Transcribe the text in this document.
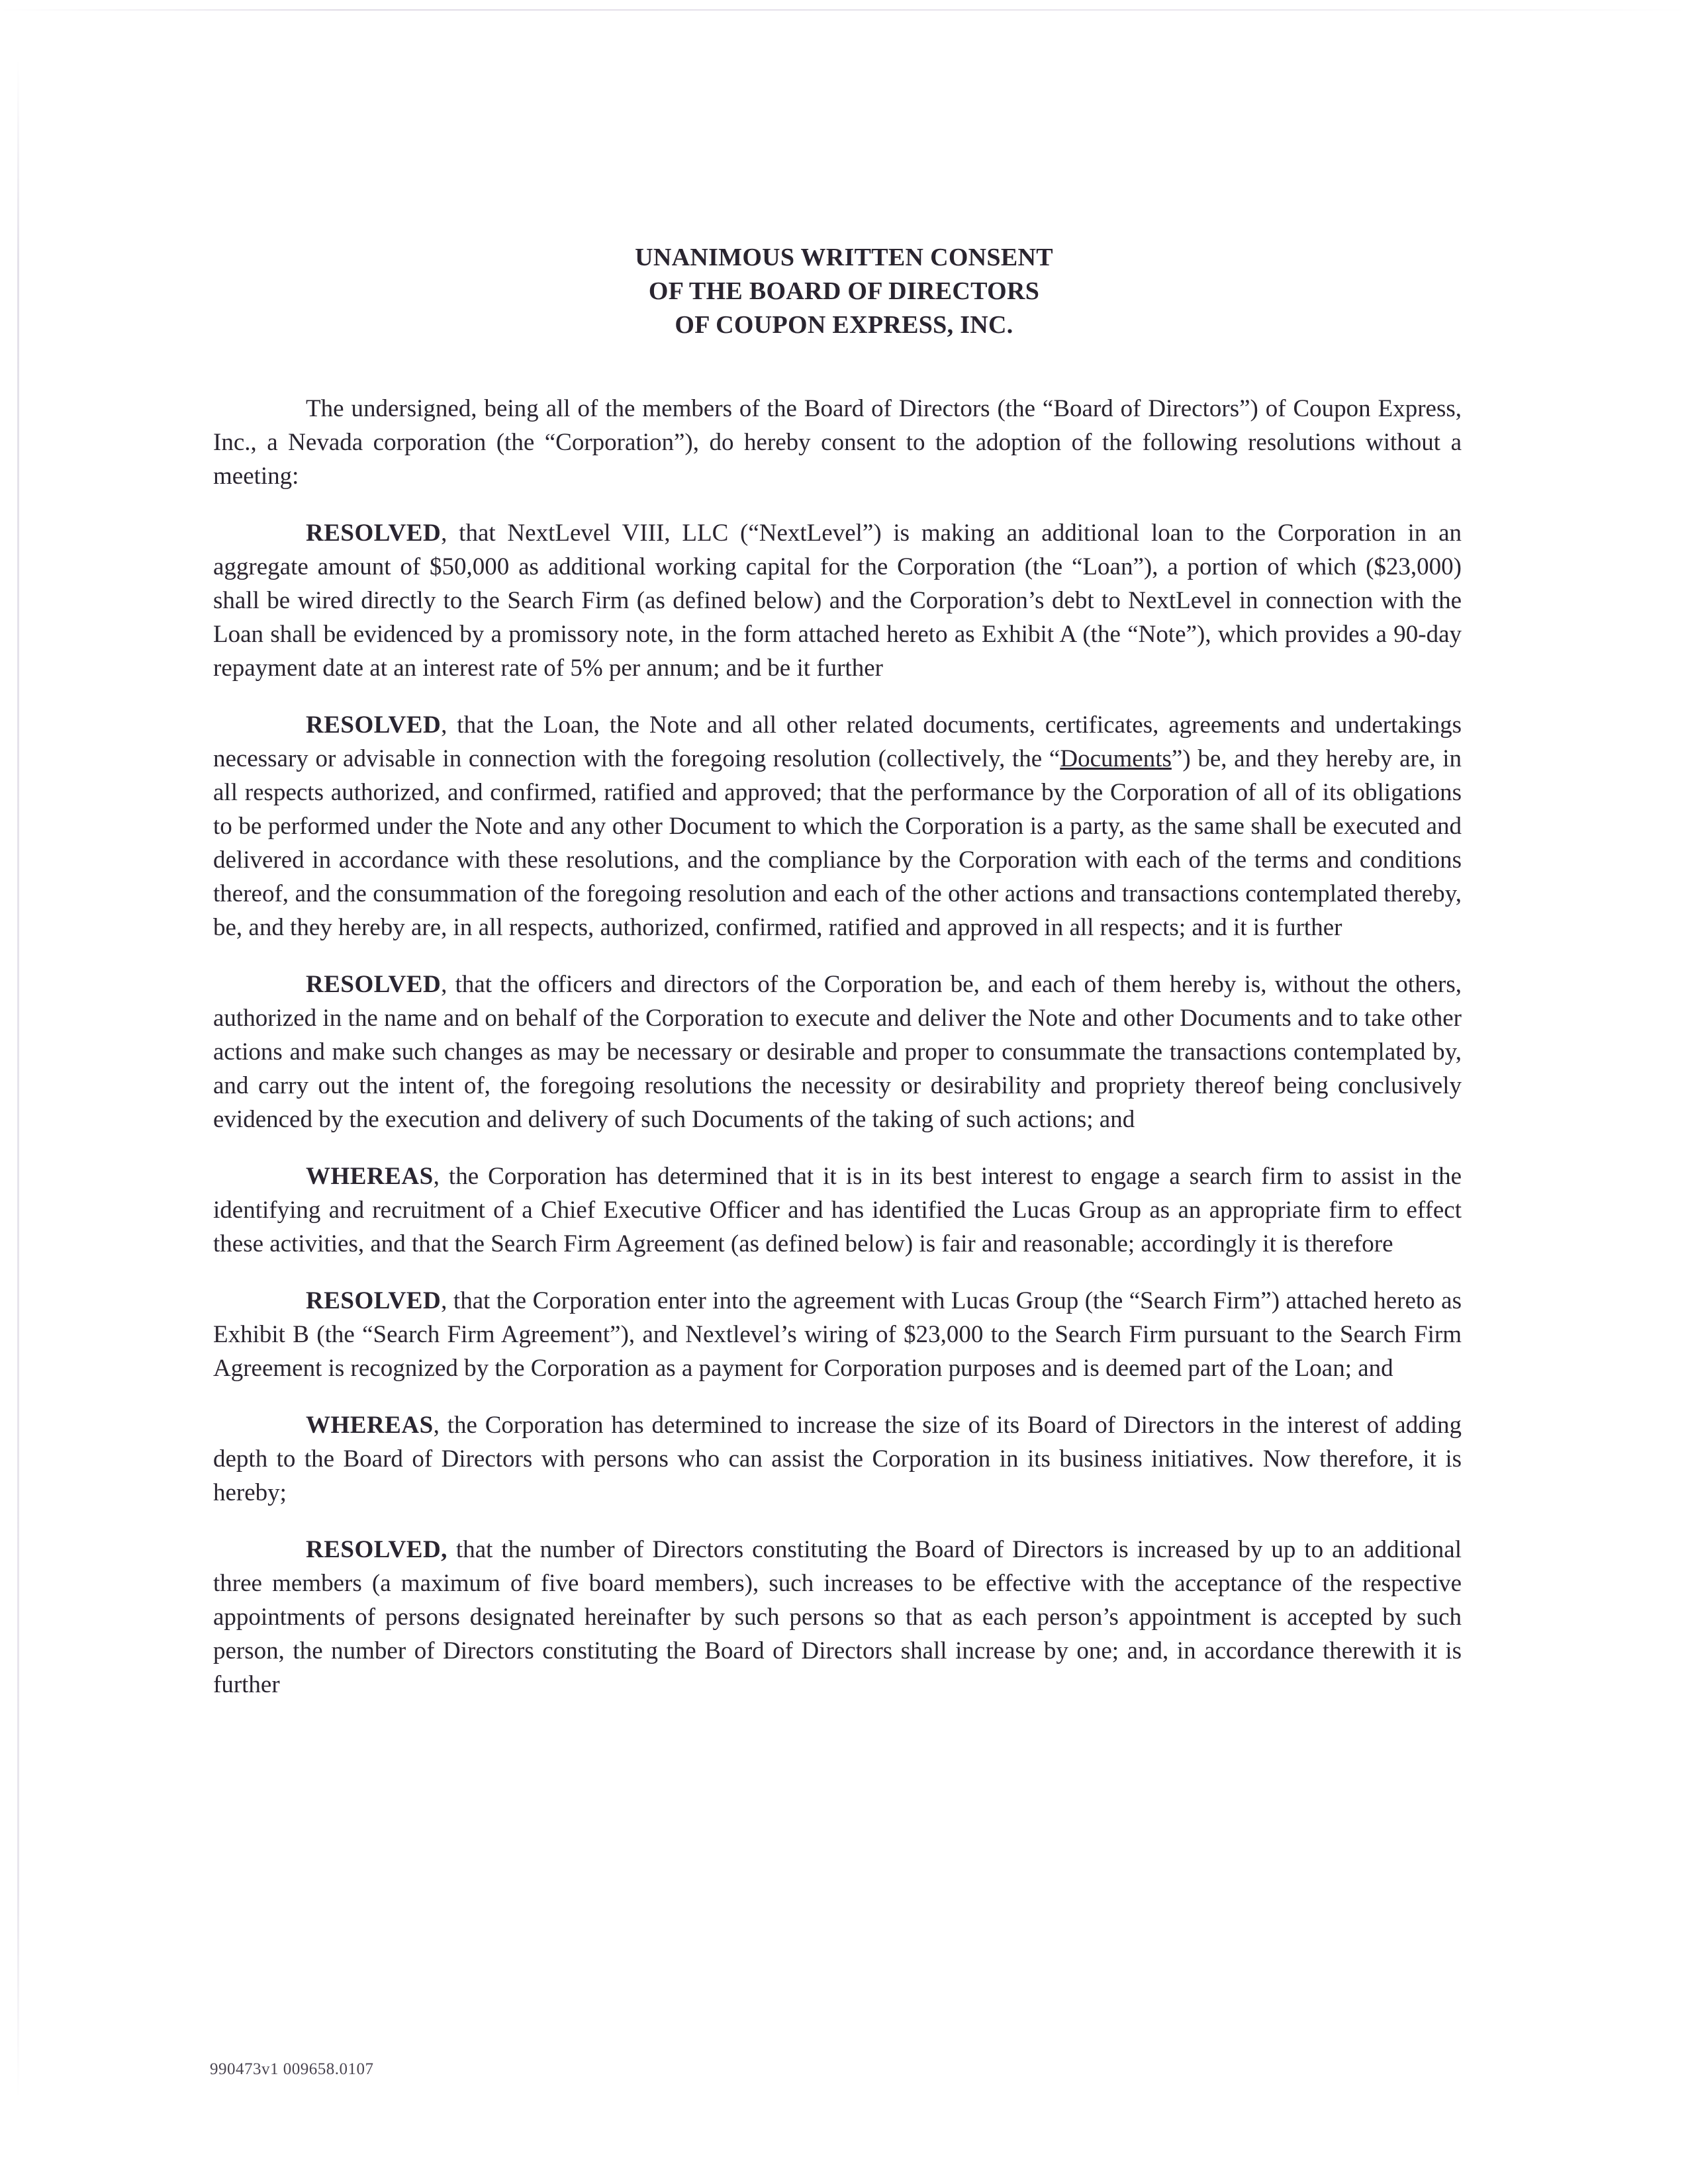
UNANIMOUS WRITTEN CONSENT
OF THE BOARD OF DIRECTORS
OF COUPON EXPRESS, INC.

The undersigned, being all of the members of the Board of Directors (the “Board of Directors”) of Coupon Express, Inc., a Nevada corporation (the “Corporation”), do hereby consent to the adoption of the following resolutions without a meeting:

RESOLVED, that NextLevel VIII, LLC (“NextLevel”) is making an additional loan to the Corporation in an aggregate amount of $50,000 as additional working capital for the Corporation (the “Loan”), a portion of which ($23,000) shall be wired directly to the Search Firm (as defined below) and the Corporation’s debt to NextLevel in connection with the Loan shall be evidenced by a promissory note, in the form attached hereto as Exhibit A (the “Note”), which provides a 90-day repayment date at an interest rate of 5% per annum; and be it further

RESOLVED, that the Loan, the Note and all other related documents, certificates, agreements and undertakings necessary or advisable in connection with the foregoing resolution (collectively, the “Documents”) be, and they hereby are, in all respects authorized, and confirmed, ratified and approved; that the performance by the Corporation of all of its obligations to be performed under the Note and any other Document to which the Corporation is a party, as the same shall be executed and delivered in accordance with these resolutions, and the compliance by the Corporation with each of the terms and conditions thereof, and the consummation of the foregoing resolution and each of the other actions and transactions contemplated thereby, be, and they hereby are, in all respects, authorized, confirmed, ratified and approved in all respects; and it is further

RESOLVED, that the officers and directors of the Corporation be, and each of them hereby is, without the others, authorized in the name and on behalf of the Corporation to execute and deliver the Note and other Documents and to take other actions and make such changes as may be necessary or desirable and proper to consummate the transactions contemplated by, and carry out the intent of, the foregoing resolutions the necessity or desirability and propriety thereof being conclusively evidenced by the execution and delivery of such Documents of the taking of such actions; and

WHEREAS, the Corporation has determined that it is in its best interest to engage a search firm to assist in the identifying and recruitment of a Chief Executive Officer and has identified the Lucas Group as an appropriate firm to effect these activities, and that the Search Firm Agreement (as defined below) is fair and reasonable; accordingly it is therefore

RESOLVED, that the Corporation enter into the agreement with Lucas Group (the “Search Firm”) attached hereto as Exhibit B (the “Search Firm Agreement”), and Nextlevel’s wiring of $23,000 to the Search Firm pursuant to the Search Firm Agreement is recognized by the Corporation as a payment for Corporation purposes and is deemed part of the Loan; and

WHEREAS, the Corporation has determined to increase the size of its Board of Directors in the interest of adding depth to the Board of Directors with persons who can assist the Corporation in its business initiatives. Now therefore, it is hereby;

RESOLVED, that the number of Directors constituting the Board of Directors is increased by up to an additional three members (a maximum of five board members), such increases to be effective with the acceptance of the respective appointments of persons designated hereinafter by such persons so that as each person’s appointment is accepted by such person, the number of Directors constituting the Board of Directors shall increase by one; and, in accordance therewith it is further

990473v1 009658.0107
